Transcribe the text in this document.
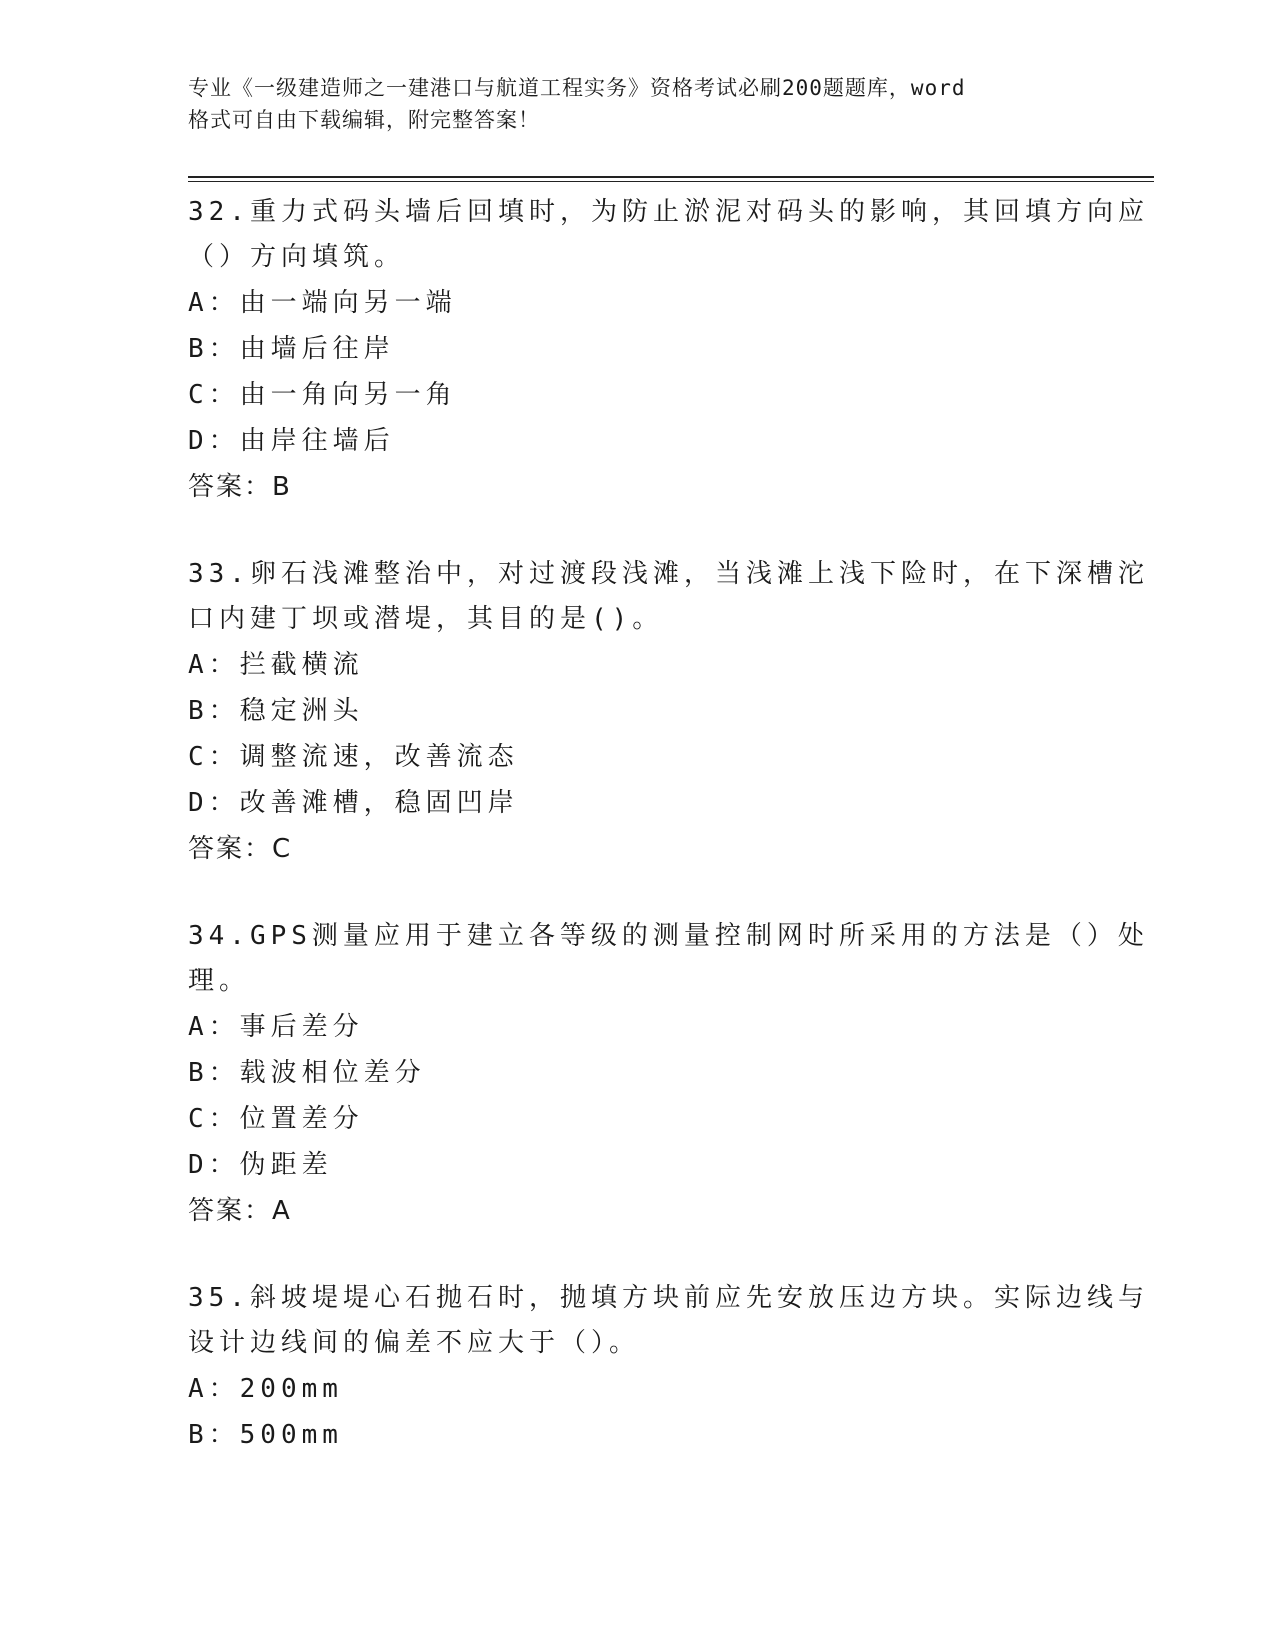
专业《一级建造师之一建港口与航道工程实务》资格考试必刷200题题库，word
格式可自由下载编辑，附完整答案！
32.重力式码头墙后回填时，为防止淤泥对码头的影响，其回填方向应
（）方向填筑。
A：由一端向另一端
B：由墙后往岸
C：由一角向另一角
D：由岸往墙后
答案：B
33.卵石浅滩整治中，对过渡段浅滩，当浅滩上浅下险时，在下深槽沱
口内建丁坝或潜堤，其目的是()。
A：拦截横流
B：稳定洲头
C：调整流速，改善流态
D：改善滩槽，稳固凹岸
答案：C
34.GPS测量应用于建立各等级的测量控制网时所采用的方法是（）处
理。
A：事后差分
B：载波相位差分
C：位置差分
D：伪距差
答案：A
35.斜坡堤堤心石抛石时，抛填方块前应先安放压边方块。实际边线与
设计边线间的偏差不应大于（）。
A：200mm
B：500mm
